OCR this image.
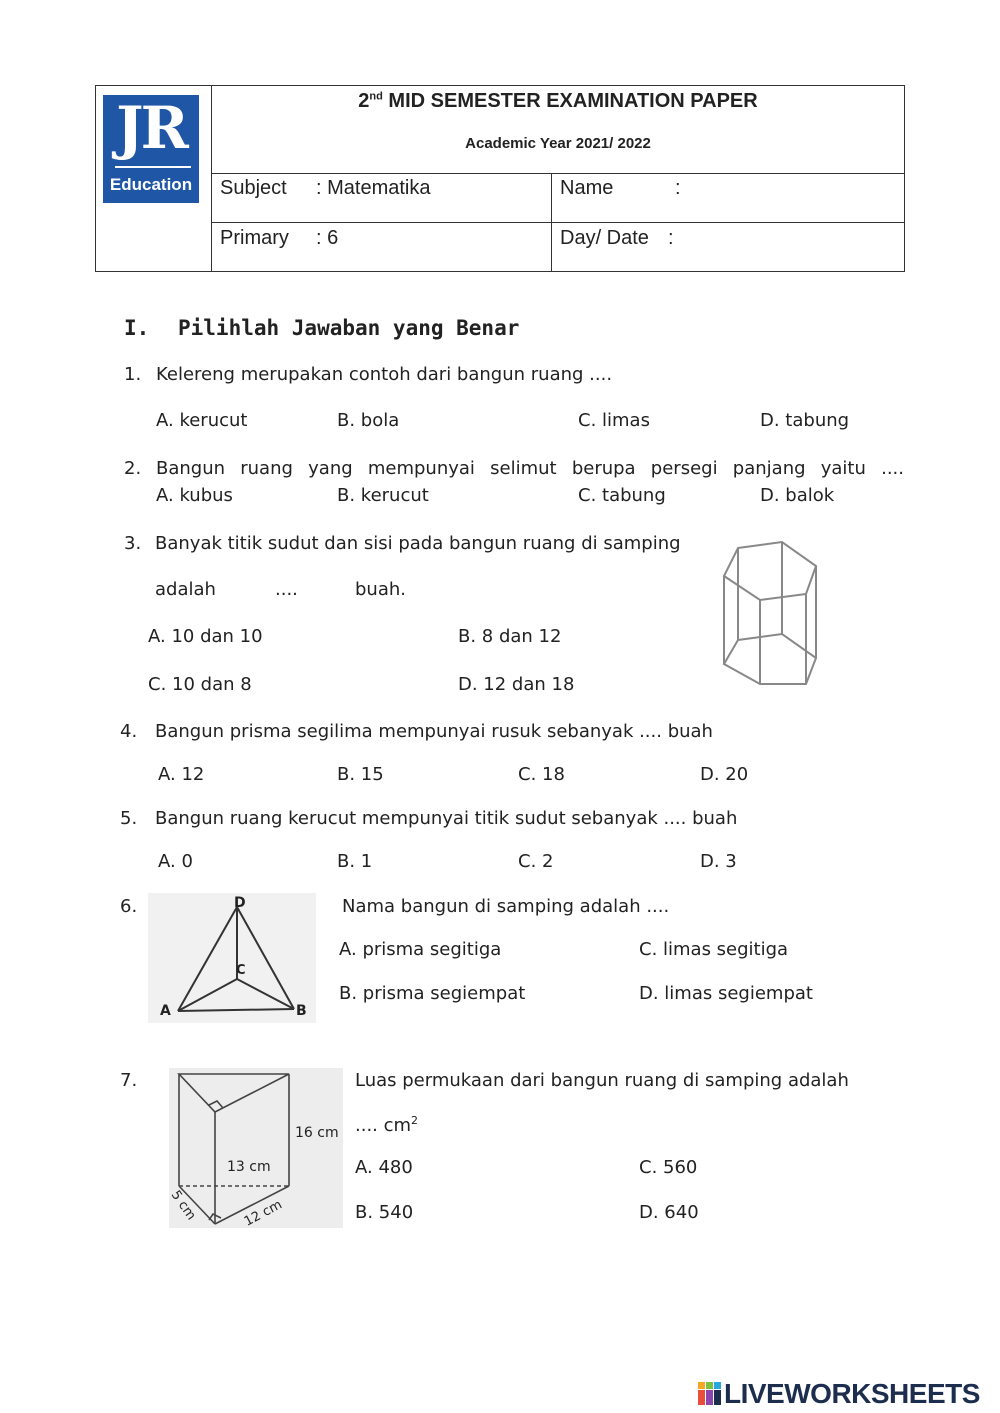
JR
Education
2nd MID SEMESTER EXAMINATION PAPER
Academic Year 2021/ 2022
Subject : Matematika	Name	:
Primary : 6	Day/ Date :
I. Pilihlah Jawaban yang Benar
1. Kelereng merupakan contoh dari bangun ruang ....
A. kerucut	B. bola	C. limas	D. tabung
2. Bangun ruang yang mempunyai selimut berupa persegi panjang yaitu ....
A. kubus	B. kerucut	C. tabung	D. balok
3. Banyak titik sudut dan sisi pada bangun ruang di samping
adalah	....	buah.
A. 10 dan 10	B. 8 dan 12
C. 10 dan 8	D. 12 dan 18
4. Bangun prisma segilima mempunyai rusuk sebanyak .... buah
A. 12	B. 15	C. 18	D. 20
5. Bangun ruang kerucut mempunyai titik sudut sebanyak .... buah
A. 0	B. 1	C. 2	D. 3
6.	D
C
A	B
Nama bangun di samping adalah ....
A. prisma segitiga	C. limas segitiga
B. prisma segiempat	D. limas segiempat
7.
16 cm
13 cm
5 cm	12 cm
Luas permukaan dari bangun ruang di samping adalah
.... $cm^2$
A. 480	C. 560
B. 540	D. 640
LIVEWORKSHEETS
